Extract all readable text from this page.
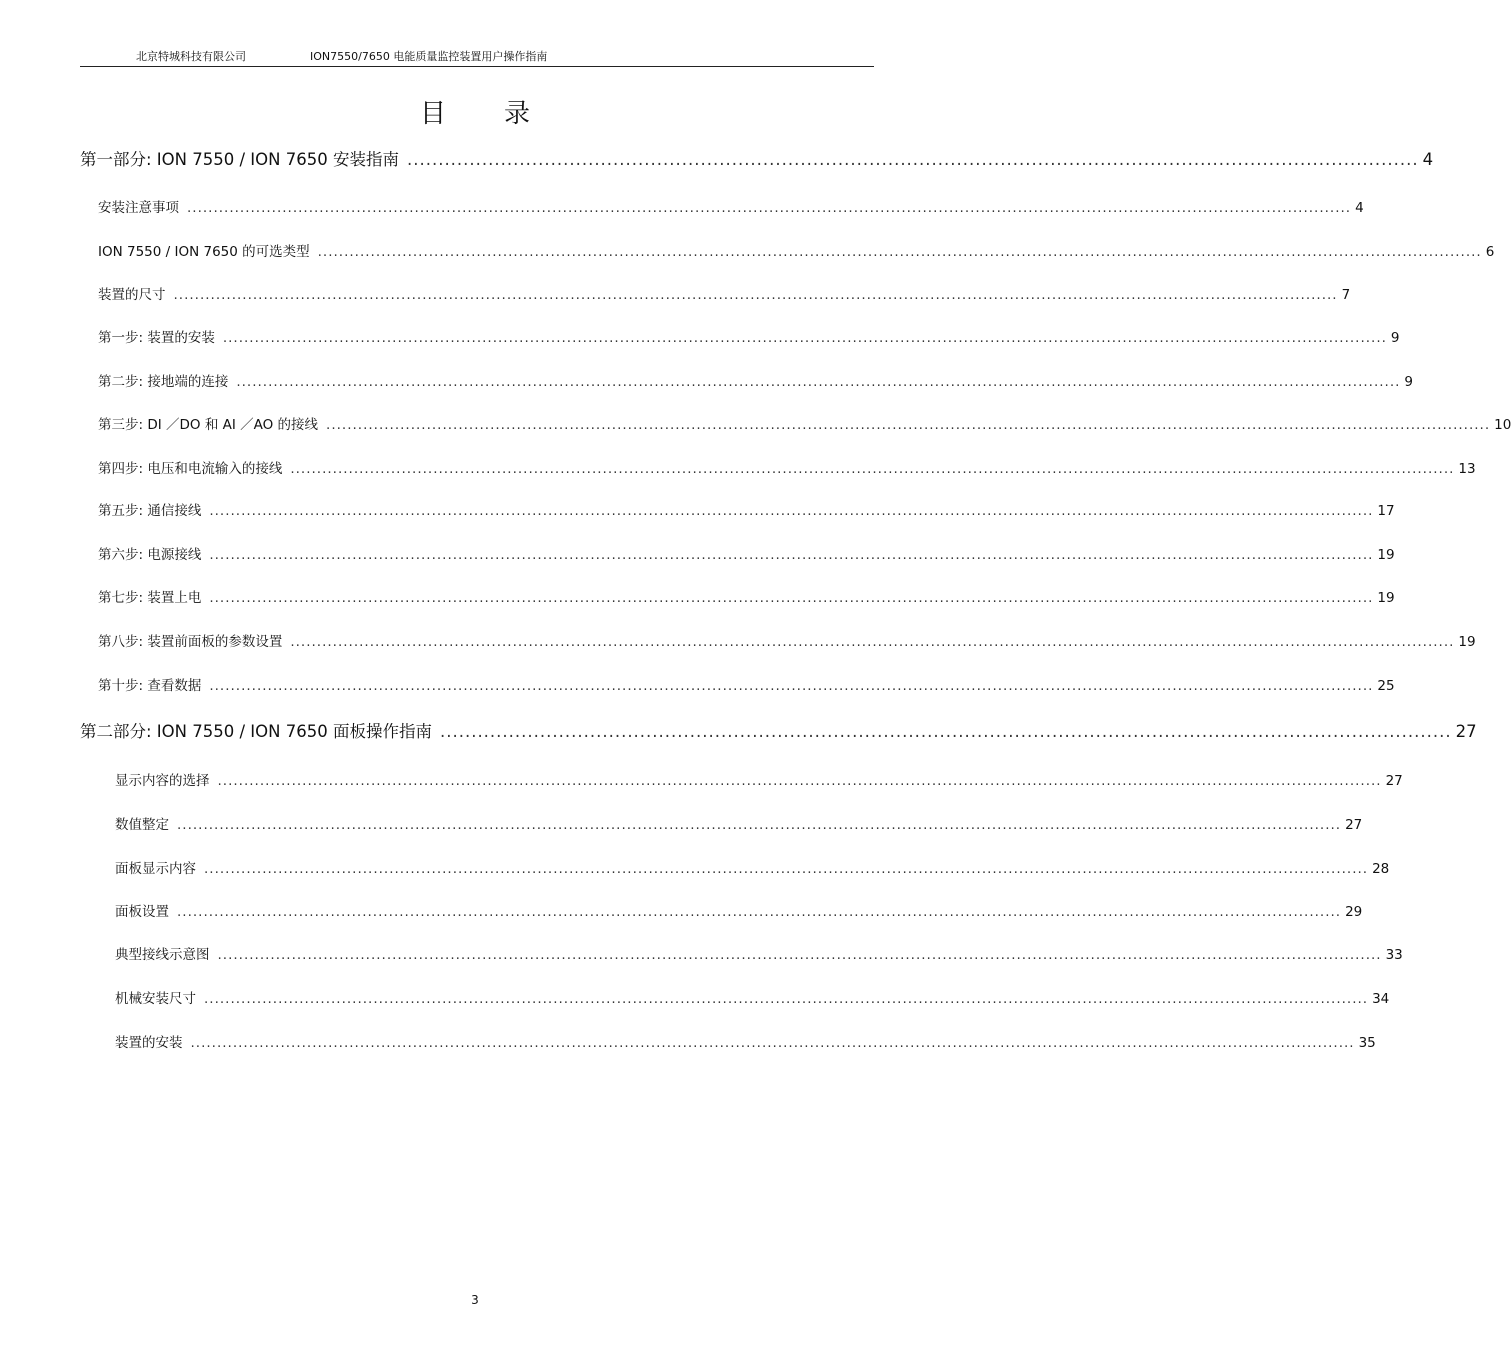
北京特城科技有限公司	ION7550/7650 电能质量监控装置用户操作指南
目录
第一部分: ION 7550 / ION 7650 安装指南 .................................................................................................................................................................. 4
安装注意事项 ............................................................................................................................................................................................................................ 4
ION 7550 / ION 7650 的可选类型 ............................................................................................................................................................................................................................ 6
装置的尺寸 ............................................................................................................................................................................................................................ 7
第一步: 装置的安装 ............................................................................................................................................................................................................................ 9
第二步: 接地端的连接 ............................................................................................................................................................................................................................ 9
第三步: DI ／DO 和 AI ／AO 的接线 ............................................................................................................................................................................................................................ 10
第四步: 电压和电流输入的接线 ............................................................................................................................................................................................................................ 13
第五步: 通信接线 ............................................................................................................................................................................................................................ 17
第六步: 电源接线 ............................................................................................................................................................................................................................ 19
第七步: 装置上电 ............................................................................................................................................................................................................................ 19
第八步: 装置前面板的参数设置 ............................................................................................................................................................................................................................ 19
第十步: 查看数据 ............................................................................................................................................................................................................................ 25
第二部分: ION 7550 / ION 7650 面板操作指南 .................................................................................................................................................................. 27
显示内容的选择 ............................................................................................................................................................................................................................ 27
数值整定 ............................................................................................................................................................................................................................ 27
面板显示内容 ............................................................................................................................................................................................................................ 28
面板设置 ............................................................................................................................................................................................................................ 29
典型接线示意图 ............................................................................................................................................................................................................................ 33
机械安装尺寸 ............................................................................................................................................................................................................................ 34
装置的安装 ............................................................................................................................................................................................................................ 35
3
